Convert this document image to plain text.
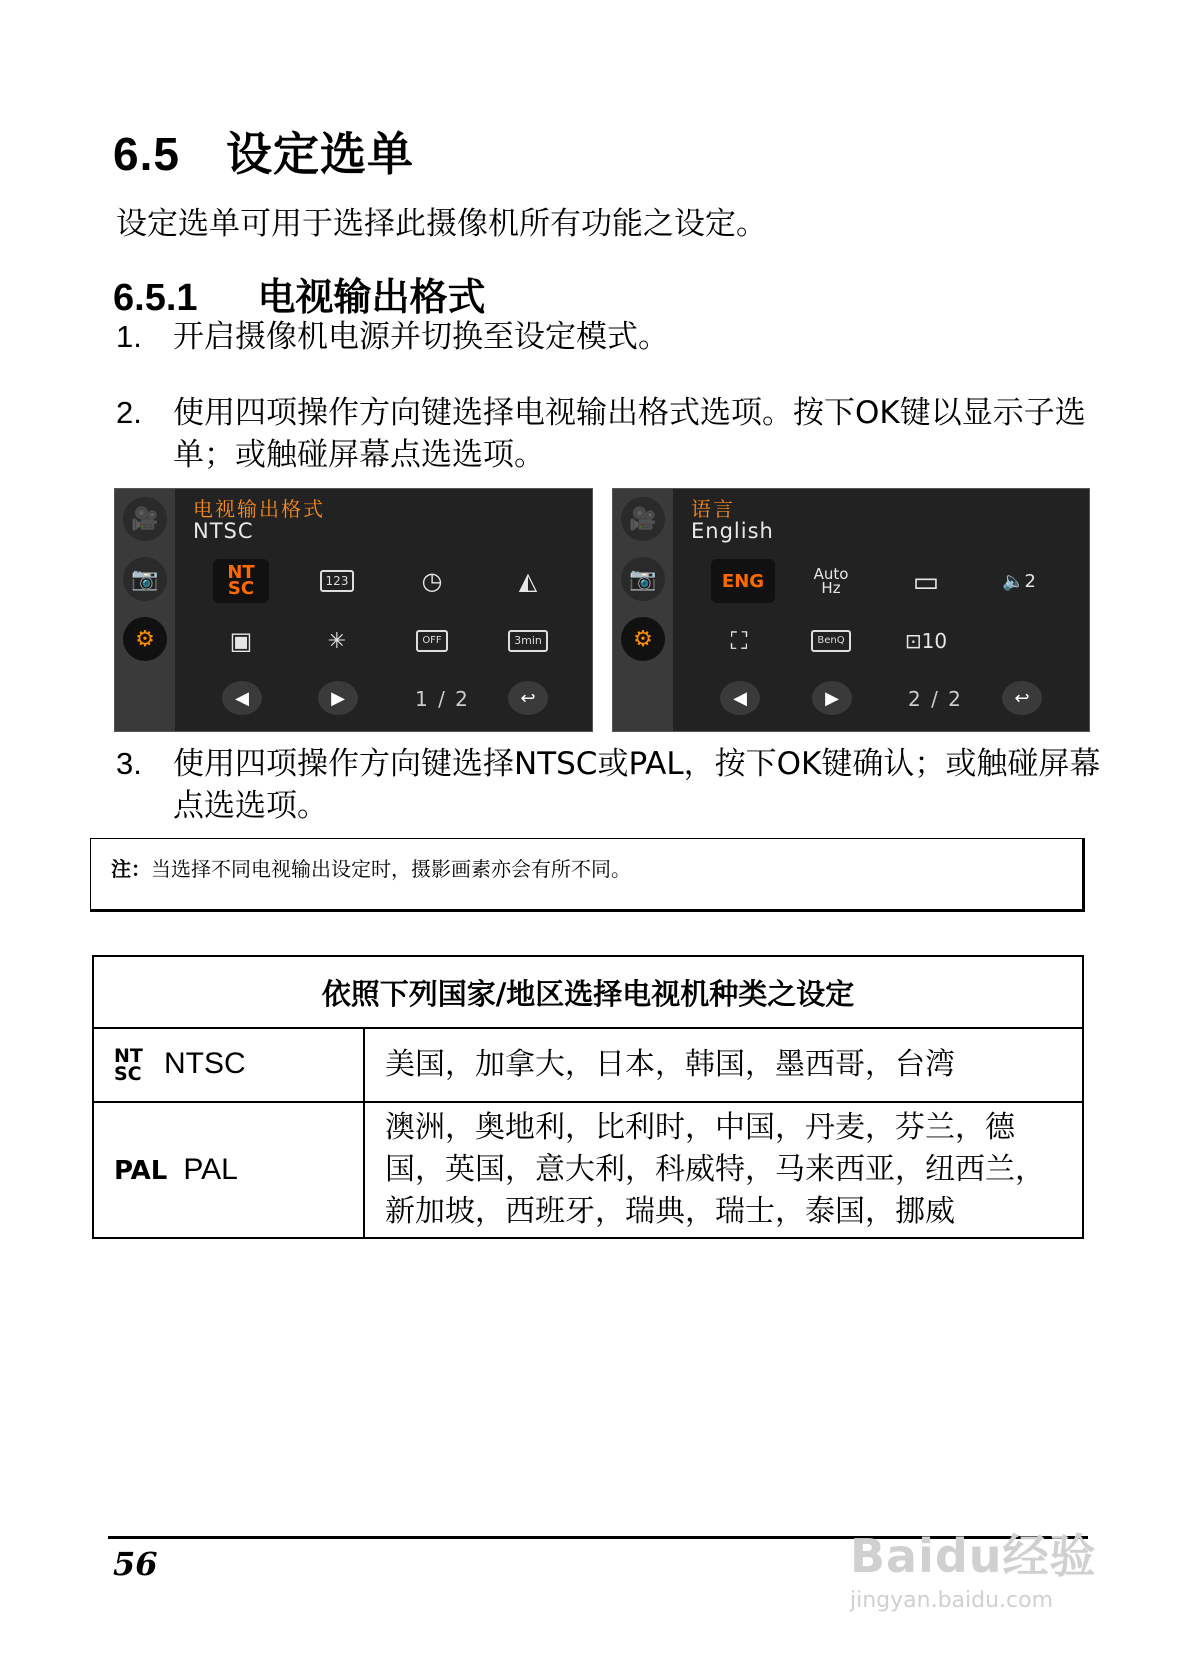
6.5 设定选单
设定选单可用于选择此摄像机所有功能之设定。
6.5.1 电视输出格式
1. 开启摄像机电源并切换至设定模式。
2. 使用四项操作方向键选择电视输出格式选项。按下OK键以显示子选单；或触碰屏幕点选选项。
🎥
📷
⚙
电视输出格式
NTSC
NT SC	123	◷	◭
▣	✳	OFF	3min
◀	▶	1 / 2	↩
🎥
📷
⚙
语言
English
ENG	Auto Hz	▭	🔈2
⛶	BenQ	⊡10
◀	▶	2 / 2	↩
3. 使用四项操作方向键选择NTSC或PAL，按下OK键确认；或触碰屏幕点选选项。
注：当选择不同电视输出设定时，摄影画素亦会有所不同。
依照下列国家/地区选择电视机种类之设定	
NT SC NTSC	美国，加拿大，日本，韩国，墨西哥，台湾
PAL PAL	澳洲，奥地利，比利时，中国，丹麦，芬兰，德国，英国，意大利，科威特，马来西亚，纽西兰，新加坡，西班牙，瑞典，瑞士，泰国，挪威
56	Baidu经验
jingyan.baidu.com
